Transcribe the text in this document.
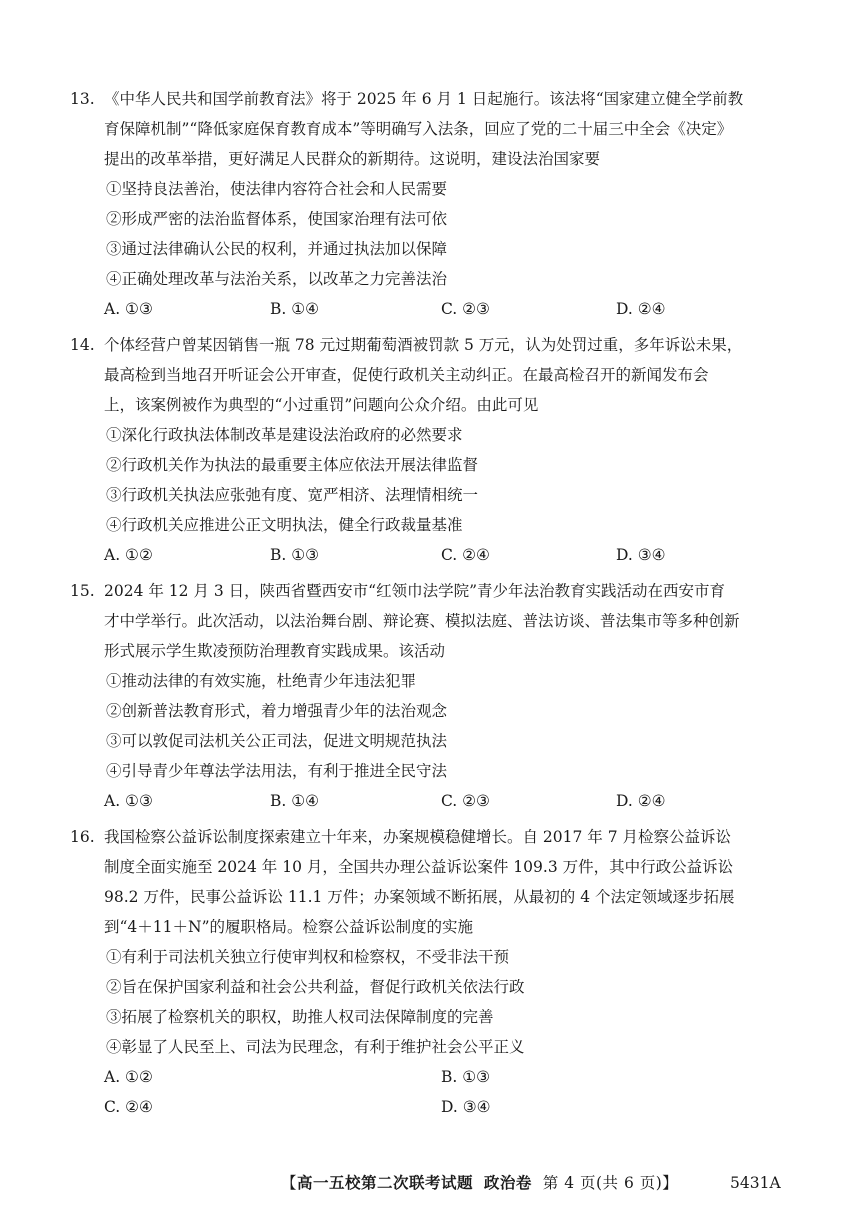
13. 《中华人民共和国学前教育法》将于 2025 年 6 月 1 日起施行。该法将“国家建立健全学前教
育保障机制”“降低家庭保育教育成本”等明确写入法条，回应了党的二十届三中全会《决定》
提出的改革举措，更好满足人民群众的新期待。这说明，建设法治国家要
①坚持良法善治，使法律内容符合社会和人民需要
②形成严密的法治监督体系，使国家治理有法可依
③通过法律确认公民的权利，并通过执法加以保障
④正确处理改革与法治关系，以改革之力完善法治
A. ①③	B. ①④	C. ②③	D. ②④
14. 个体经营户曾某因销售一瓶 78 元过期葡萄酒被罚款 5 万元，认为处罚过重，多年诉讼未果，
最高检到当地召开听证会公开审查，促使行政机关主动纠正。在最高检召开的新闻发布会
上，该案例被作为典型的“小过重罚”问题向公众介绍。由此可见
①深化行政执法体制改革是建设法治政府的必然要求
②行政机关作为执法的最重要主体应依法开展法律监督
③行政机关执法应张弛有度、宽严相济、法理情相统一
④行政机关应推进公正文明执法，健全行政裁量基准
A. ①②	B. ①③	C. ②④	D. ③④
15. 2024 年 12 月 3 日，陕西省暨西安市“红领巾法学院”青少年法治教育实践活动在西安市育
才中学举行。此次活动，以法治舞台剧、辩论赛、模拟法庭、普法访谈、普法集市等多种创新
形式展示学生欺凌预防治理教育实践成果。该活动
①推动法律的有效实施，杜绝青少年违法犯罪
②创新普法教育形式，着力增强青少年的法治观念
③可以敦促司法机关公正司法，促进文明规范执法
④引导青少年尊法学法用法，有利于推进全民守法
A. ①③	B. ①④	C. ②③	D. ②④
16. 我国检察公益诉讼制度探索建立十年来，办案规模稳健增长。自 2017 年 7 月检察公益诉讼
制度全面实施至 2024 年 10 月，全国共办理公益诉讼案件 109.3 万件，其中行政公益诉讼
98.2 万件，民事公益诉讼 11.1 万件；办案领域不断拓展，从最初的 4 个法定领域逐步拓展
到“4＋11＋N”的履职格局。检察公益诉讼制度的实施
①有利于司法机关独立行使审判权和检察权，不受非法干预
②旨在保护国家利益和社会公共利益，督促行政机关依法行政
③拓展了检察机关的职权，助推人权司法保障制度的完善
④彰显了人民至上、司法为民理念，有利于维护社会公平正义
A. ①②	B. ①③
C. ②④	D. ③④
【高一五校第二次联考试题 政治卷 第 4 页(共 6 页)】	5431A
